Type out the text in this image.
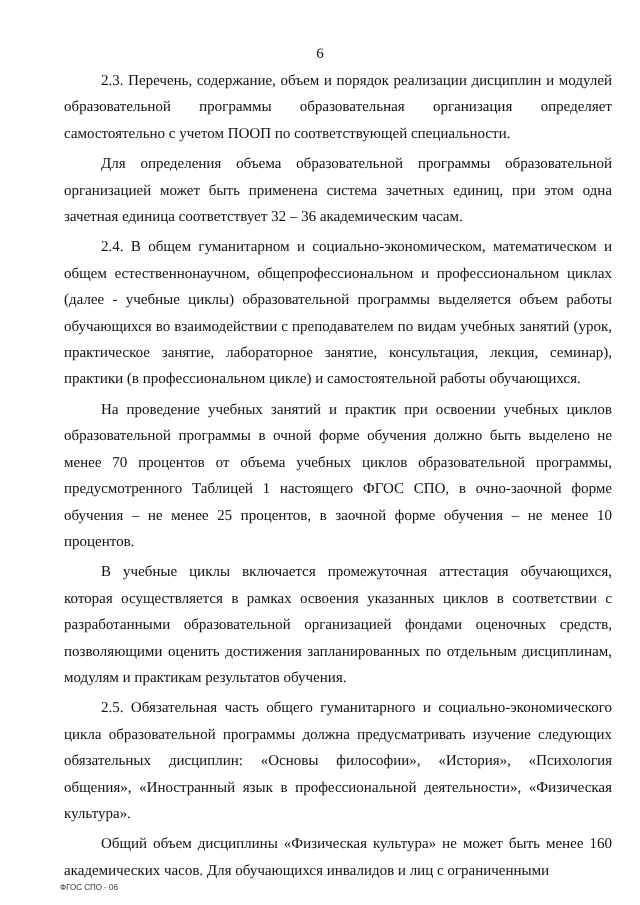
6

2.3. Перечень, содержание, объем и порядок реализации дисциплин и модулей образовательной программы образовательная организация определяет самостоятельно с учетом ПООП по соответствующей специальности.

Для определения объема образовательной программы образовательной организацией может быть применена система зачетных единиц, при этом одна зачетная единица соответствует 32 – 36 академическим часам.

2.4. В общем гуманитарном и социально-экономическом, математическом и общем естественнонаучном, общепрофессиональном и профессиональном циклах (далее - учебные циклы) образовательной программы выделяется объем работы обучающихся во взаимодействии с преподавателем по видам учебных занятий (урок, практическое занятие, лабораторное занятие, консультация, лекция, семинар), практики (в профессиональном цикле) и самостоятельной работы обучающихся.

На проведение учебных занятий и практик при освоении учебных циклов образовательной программы в очной форме обучения должно быть выделено не менее 70 процентов от объема учебных циклов образовательной программы, предусмотренного Таблицей 1 настоящего ФГОС СПО, в очно-заочной форме обучения – не менее 25 процентов, в заочной форме обучения – не менее 10 процентов.

В учебные циклы включается промежуточная аттестация обучающихся, которая осуществляется в рамках освоения указанных циклов в соответствии с разработанными образовательной организацией фондами оценочных средств, позволяющими оценить достижения запланированных по отдельным дисциплинам, модулям и практикам результатов обучения.

2.5. Обязательная часть общего гуманитарного и социально-экономического цикла образовательной программы должна предусматривать изучение следующих обязательных дисциплин: «Основы философии», «История», «Психология общения», «Иностранный язык в профессиональной деятельности», «Физическая культура».

Общий объем дисциплины «Физическая культура» не может быть менее 160 академических часов. Для обучающихся инвалидов и лиц с ограниченными

ФГОС СПО - 06
